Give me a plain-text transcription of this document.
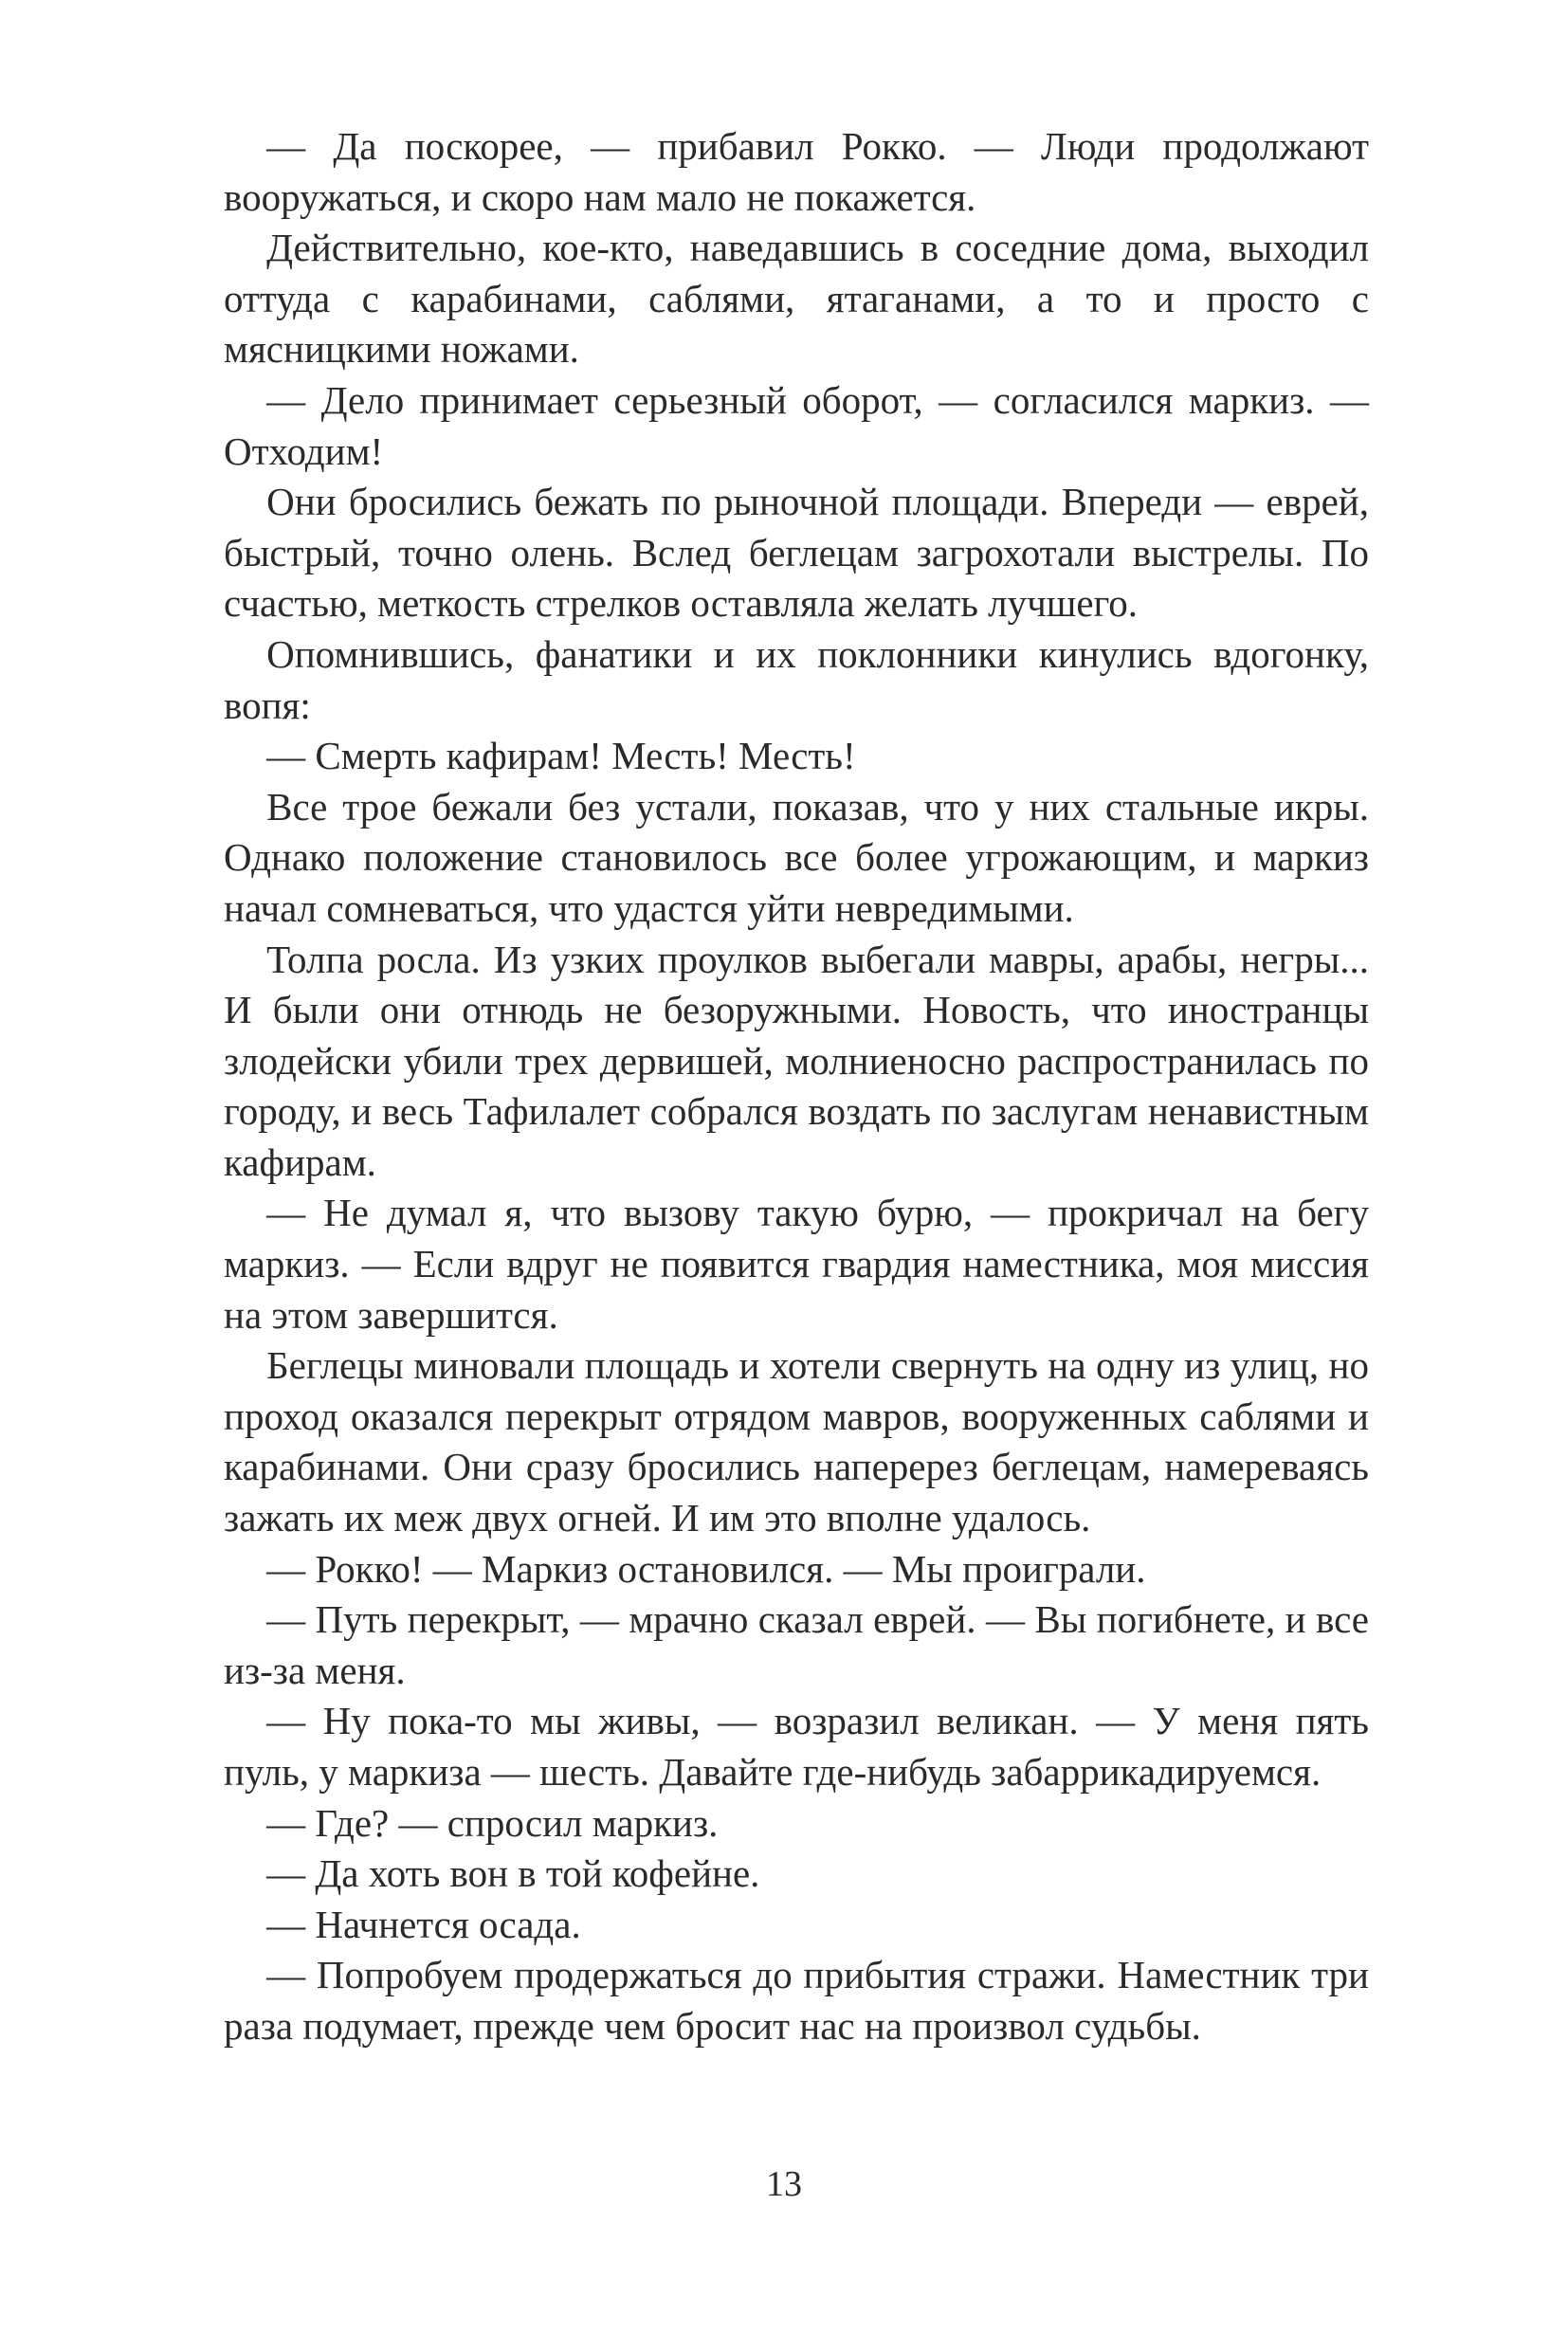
— Да поскорее, — прибавил Рокко. — Люди продолжают вооружаться, и скоро нам мало не покажется.

Действительно, кое-кто, наведавшись в соседние дома, выходил оттуда с карабинами, саблями, ятаганами, а то и просто с мясницкими ножами.

— Дело принимает серьезный оборот, — согласился маркиз. — Отходим!

Они бросились бежать по рыночной площади. Впереди — еврей, быстрый, точно олень. Вслед беглецам загрохотали выстрелы. По счастью, меткость стрелков оставляла желать лучшего.

Опомнившись, фанатики и их поклонники кинулись вдогонку, вопя:

— Смерть кафирам! Месть! Месть!

Все трое бежали без устали, показав, что у них стальные икры. Однако положение становилось все более угрожающим, и маркиз начал сомневаться, что удастся уйти невредимыми.

Толпа росла. Из узких проулков выбегали мавры, арабы, негры... И были они отнюдь не безоружными. Новость, что иностранцы злодейски убили трех дервишей, молниеносно распространилась по городу, и весь Тафилалет собрался воздать по заслугам ненавистным кафирам.

— Не думал я, что вызову такую бурю, — прокричал на бегу маркиз. — Если вдруг не появится гвардия наместника, моя миссия на этом завершится.

Беглецы миновали площадь и хотели свернуть на одну из улиц, но проход оказался перекрыт отрядом мавров, вооруженных саблями и карабинами. Они сразу бросились наперерез беглецам, намереваясь зажать их меж двух огней. И им это вполне удалось.

— Рокко! — Маркиз остановился. — Мы проиграли.

— Путь перекрыт, — мрачно сказал еврей. — Вы погибнете, и все из-за меня.

— Ну пока-то мы живы, — возразил великан. — У меня пять пуль, у маркиза — шесть. Давайте где-нибудь забаррикадируемся.

— Где? — спросил маркиз.

— Да хоть вон в той кофейне.

— Начнется осада.

— Попробуем продержаться до прибытия стражи. Наместник три раза подумает, прежде чем бросит нас на произвол судьбы.

13
